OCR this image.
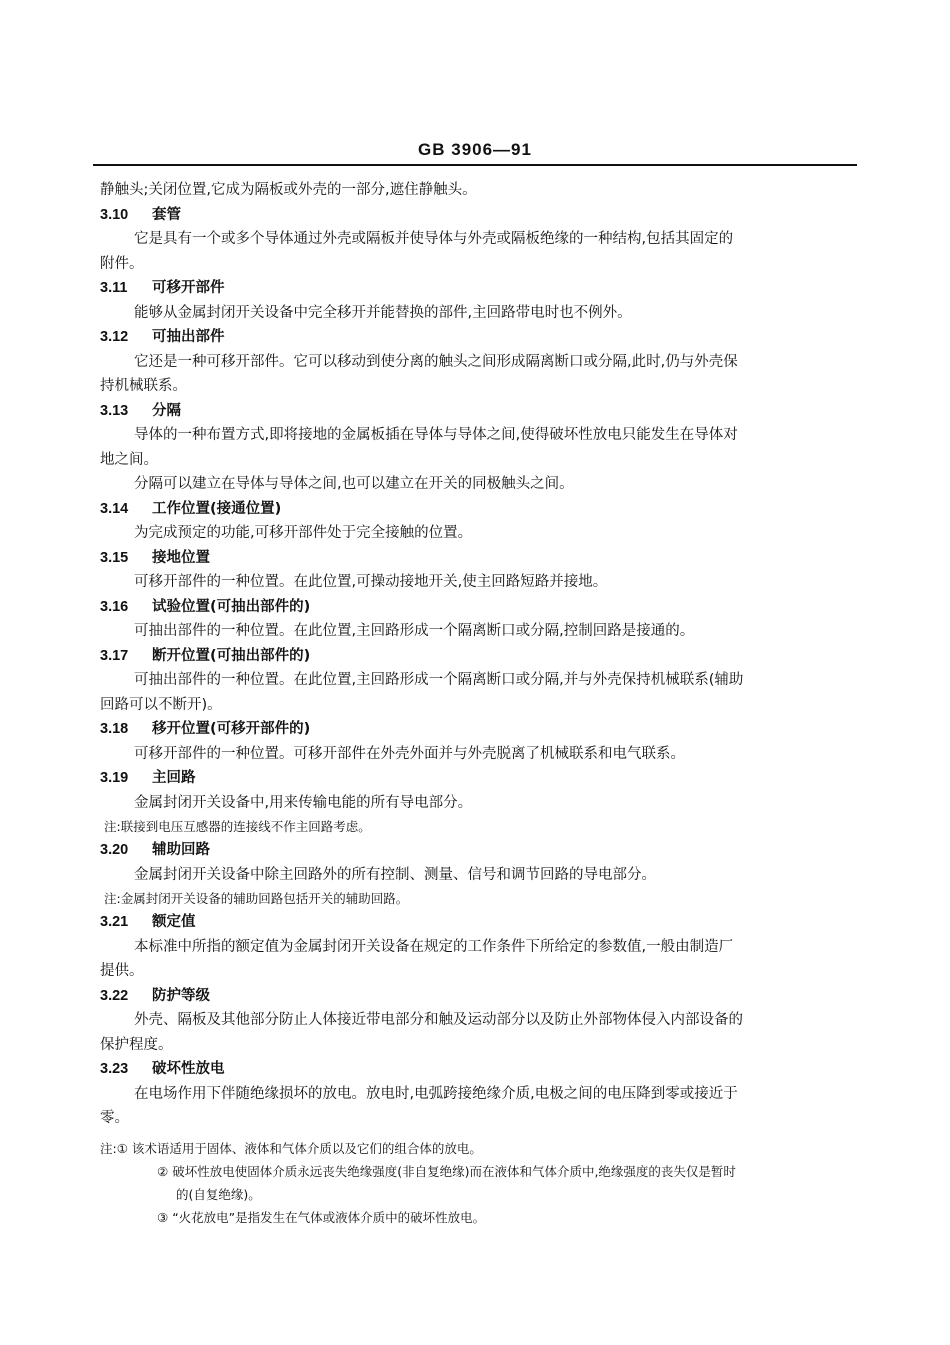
GB 3906—91

静触头;关闭位置,它成为隔板或外壳的一部分,遮住静触头。

3.10 套管

它是具有一个或多个导体通过外壳或隔板并使导体与外壳或隔板绝缘的一种结构,包括其固定的

附件。

3.11 可移开部件

能够从金属封闭开关设备中完全移开并能替换的部件,主回路带电时也不例外。

3.12 可抽出部件

它还是一种可移开部件。它可以移动到使分离的触头之间形成隔离断口或分隔,此时,仍与外壳保

持机械联系。

3.13 分隔

导体的一种布置方式,即将接地的金属板插在导体与导体之间,使得破坏性放电只能发生在导体对

地之间。

分隔可以建立在导体与导体之间,也可以建立在开关的同极触头之间。

3.14 工作位置(接通位置)

为完成预定的功能,可移开部件处于完全接触的位置。

3.15 接地位置

可移开部件的一种位置。在此位置,可操动接地开关,使主回路短路并接地。

3.16 试验位置(可抽出部件的)

可抽出部件的一种位置。在此位置,主回路形成一个隔离断口或分隔,控制回路是接通的。

3.17 断开位置(可抽出部件的)

可抽出部件的一种位置。在此位置,主回路形成一个隔离断口或分隔,并与外壳保持机械联系(辅助

回路可以不断开)。

3.18 移开位置(可移开部件的)

可移开部件的一种位置。可移开部件在外壳外面并与外壳脱离了机械联系和电气联系。

3.19 主回路

金属封闭开关设备中,用来传输电能的所有导电部分。

注:联接到电压互感器的连接线不作主回路考虑。

3.20 辅助回路

金属封闭开关设备中除主回路外的所有控制、测量、信号和调节回路的导电部分。

注:金属封闭开关设备的辅助回路包括开关的辅助回路。

3.21 额定值

本标准中所指的额定值为金属封闭开关设备在规定的工作条件下所给定的参数值,一般由制造厂

提供。

3.22 防护等级

外壳、隔板及其他部分防止人体接近带电部分和触及运动部分以及防止外部物体侵入内部设备的

保护程度。

3.23 破坏性放电

在电场作用下伴随绝缘损坏的放电。放电时,电弧跨接绝缘介质,电极之间的电压降到零或接近于

零。

注:① 该术语适用于固体、液体和气体介质以及它们的组合体的放电。

② 破坏性放电使固体介质永远丧失绝缘强度(非自复绝缘)而在液体和气体介质中,绝缘强度的丧失仅是暂时

的(自复绝缘)。

③ “火花放电”是指发生在气体或液体介质中的破坏性放电。
